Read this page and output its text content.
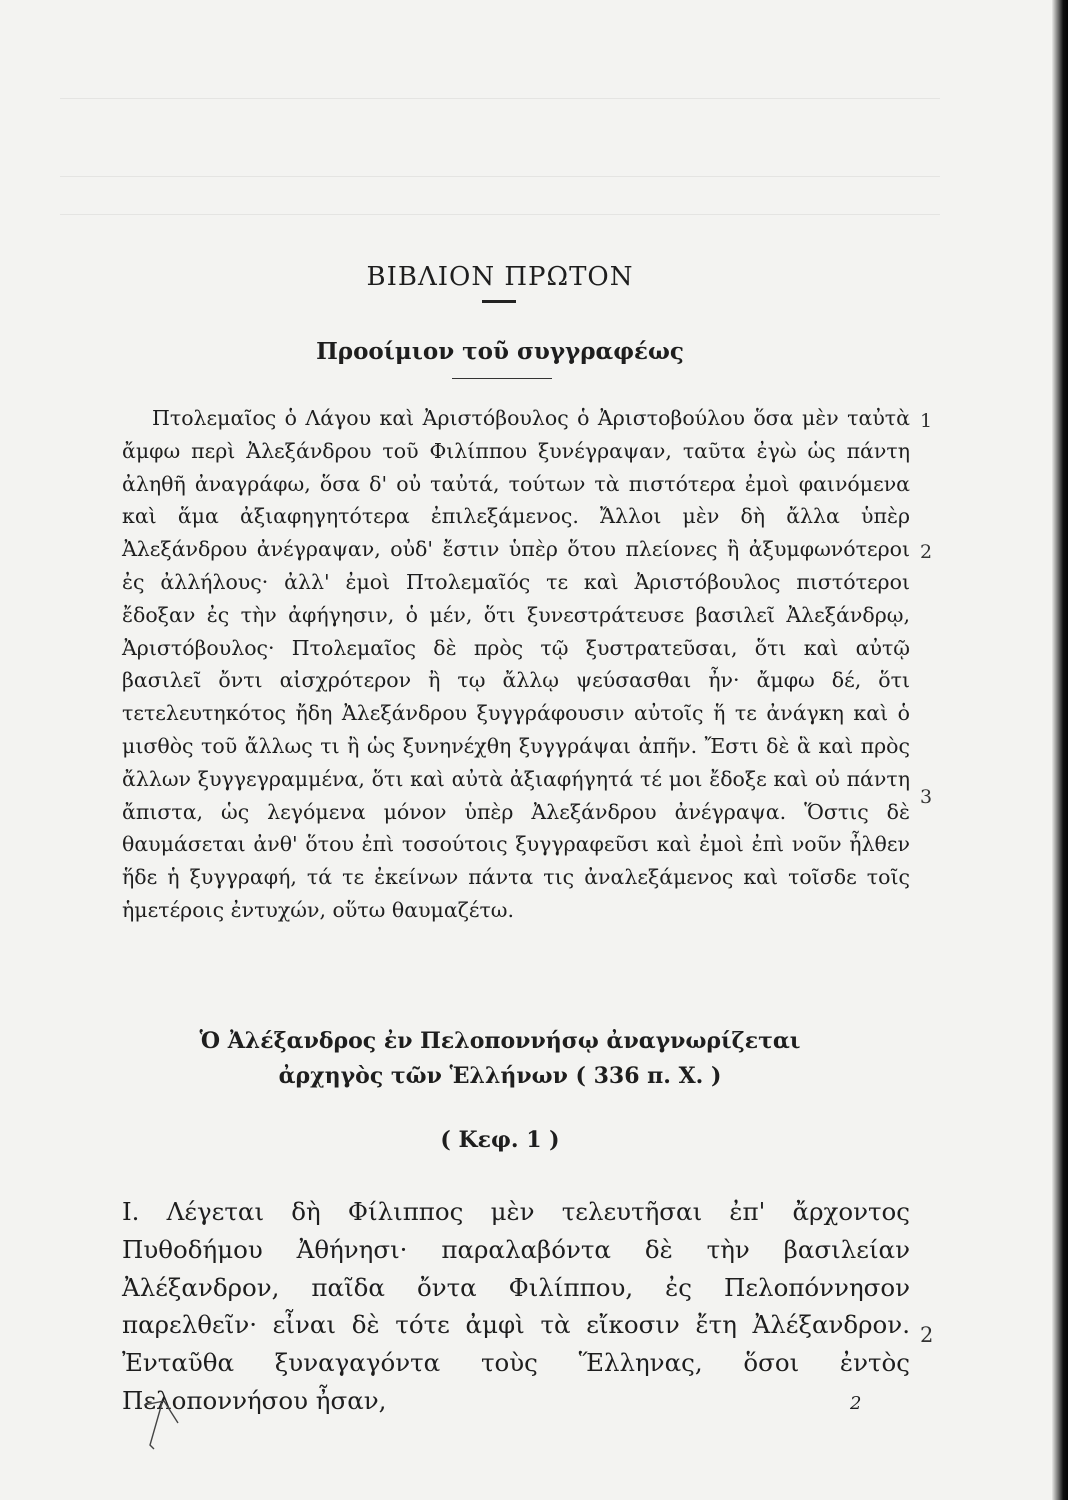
ΒΙΒΛΙΟΝ ΠΡΩΤΟΝ
Προοίμιον τοῦ συγγραφέως
Πτολεμαῖος ὁ Λάγου καὶ Ἀριστόβουλος ὁ Ἀριστοβούλου ὅσα μὲν ταὐτὰ ἄμφω περὶ Ἀλεξάνδρου τοῦ Φιλίππου ξυνέγραψαν, ταῦτα ἐγὼ ὡς πάντη ἀληθῆ ἀναγράφω, ὅσα δ' οὐ ταὐτά, τούτων τὰ πιστότερα ἐμοὶ φαινόμενα καὶ ἅμα ἀξιαφηγητότερα ἐπιλεξάμενος. Ἄλλοι μὲν δὴ ἄλλα ὑπὲρ Ἀλεξάνδρου ἀνέγραψαν, οὐδ' ἔστιν ὑπὲρ ὅτου πλείονες ἢ ἀξυμφωνότεροι ἐς ἀλλήλους· ἀλλ' ἐμοὶ Πτολεμαῖός τε καὶ Ἀριστόβουλος πιστότεροι ἔδοξαν ἐς τὴν ἀφήγησιν, ὁ μέν, ὅτι ξυνεστράτευσε βασιλεῖ Ἀλεξάνδρῳ, Ἀριστόβουλος· Πτολεμαῖος δὲ πρὸς τῷ ξυστρατεῦσαι, ὅτι καὶ αὐτῷ βασιλεῖ ὄντι αἰσχρότερον ἢ τῳ ἄλλῳ ψεύσασθαι ἦν· ἄμφω δέ, ὅτι τετελευτηκότος ἤδη Ἀλεξάνδρου ξυγγράφουσιν αὐτοῖς ἥ τε ἀνάγκη καὶ ὁ μισθὸς τοῦ ἄλλως τι ἢ ὡς ξυνηνέχθη ξυγγράψαι ἀπῆν. Ἔστι δὲ ἃ καὶ πρὸς ἄλλων ξυγγεγραμμένα, ὅτι καὶ αὐτὰ ἀξιαφήγητά τέ μοι ἔδοξε καὶ οὐ πάντη ἄπιστα, ὡς λεγόμενα μόνον ὑπὲρ Ἀλεξάνδρου ἀνέγραψα. Ὅστις δὲ θαυμάσεται ἀνθ' ὅτου ἐπὶ τοσούτοις ξυγγραφεῦσι καὶ ἐμοὶ ἐπὶ νοῦν ἦλθεν ἥδε ἡ ξυγγραφή, τά τε ἐκείνων πάντα τις ἀναλεξάμενος καὶ τοῖσδε τοῖς ἡμετέροις ἐντυχών, οὕτω θαυμαζέτω.
1
2
3
Ὁ Ἀλέξανδρος ἐν Πελοποννήσῳ ἀναγνωρίζεται
ἀρχηγὸς τῶν Ἑλλήνων ( 336 π. Χ. )
( Κεφ. 1 )
Ι. Λέγεται δὴ Φίλιππος μὲν τελευτῆσαι ἐπ' ἄρχοντος Πυθοδήμου Ἀθήνησι· παραλαβόντα δὲ τὴν βασιλείαν Ἀλέξανδρον, παῖδα ὄντα Φιλίππου, ἐς Πελοπόννησον παρελθεῖν· εἶναι δὲ τότε ἀμφὶ τὰ εἴκοσιν ἔτη Ἀλέξανδρον. Ἐνταῦθα ξυναγαγόντα τοὺς Ἕλληνας, ὅσοι ἐντὸς Πελοποννήσου ἦσαν,
2
2
